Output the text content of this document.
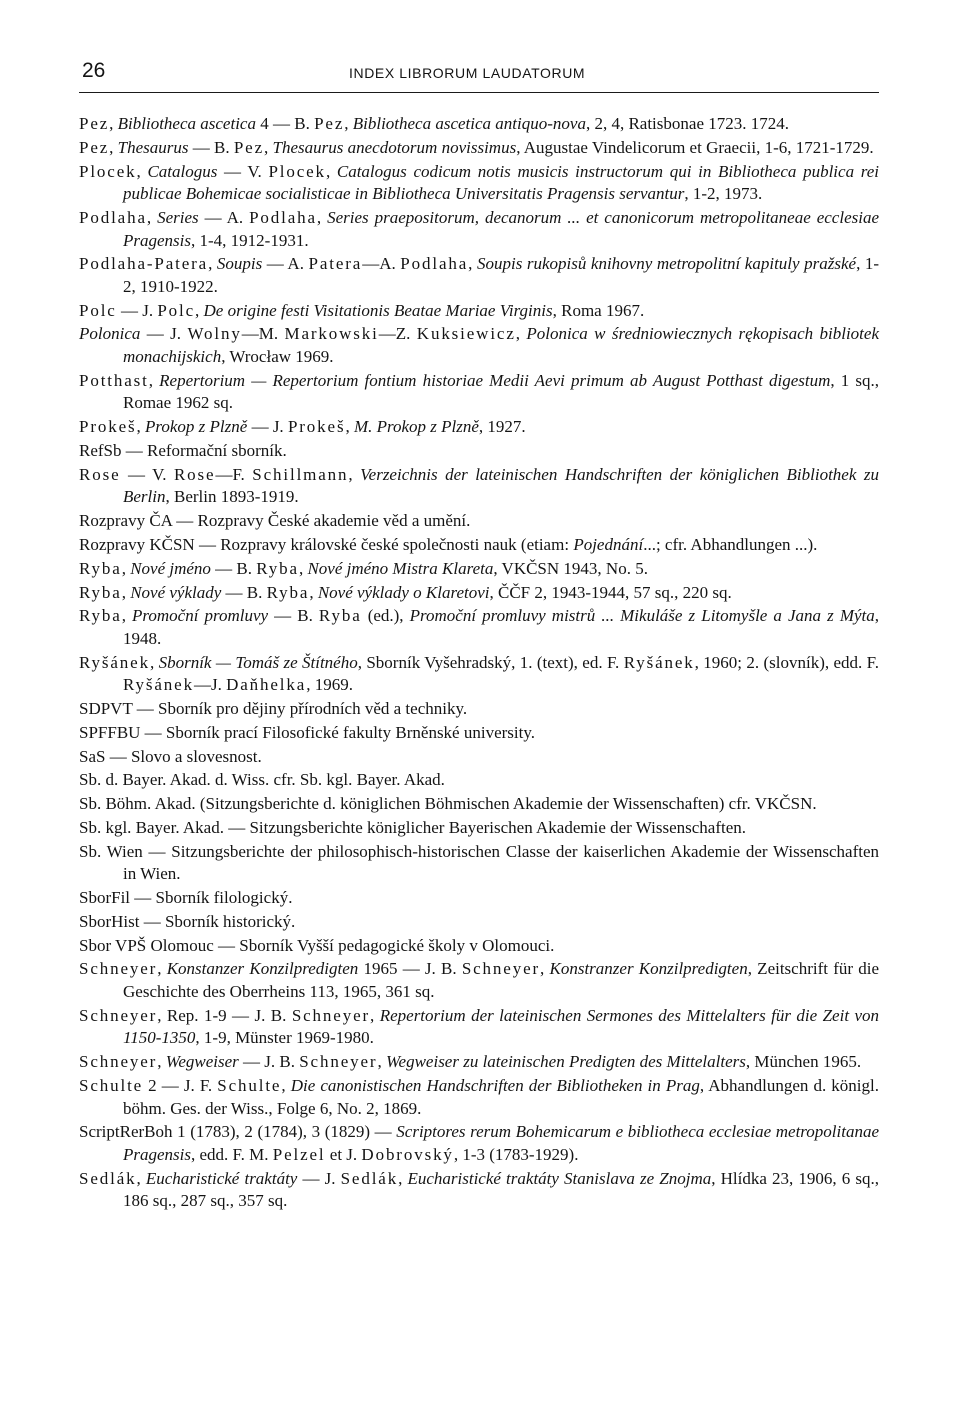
26	INDEX LIBRORUM LAUDATORUM
Pez, Bibliotheca ascetica 4 — B. Pez, Bibliotheca ascetica antiquo-nova, 2, 4, Ratisbonae 1723. 1724.
Pez, Thesaurus — B. Pez, Thesaurus anecdotorum novissimus, Augustae Vindelicorum et Graecii, 1-6, 1721-1729.
Plocek, Catalogus — V. Plocek, Catalogus codicum notis musicis instructorum qui in Bibliotheca publica rei publicae Bohemicae socialisticae in Bibliotheca Universitatis Pragensis servantur, 1-2, 1973.
Podlaha, Series — A. Podlaha, Series praepositorum, decanorum ... et canonicorum metropolitaneae ecclesiae Pragensis, 1-4, 1912-1931.
Podlaha-Patera, Soupis — A. Patera—A. Podlaha, Soupis rukopisů knihovny metropolitní kapituly pražské, 1-2, 1910-1922.
Polc — J. Polc, De origine festi Visitationis Beatae Mariae Virginis, Roma 1967.
Polonica — J. Wolny—M. Markowski—Z. Kuksiewicz, Polonica w średniowiecznych rękopisach bibliotek monachijskich, Wrocław 1969.
Potthast, Repertorium — Repertorium fontium historiae Medii Aevi primum ab August Potthast digestum, 1 sq., Romae 1962 sq.
Prokeš, Prokop z Plzně — J. Prokeš, M. Prokop z Plzně, 1927.
RefSb — Reformační sborník.
Rose — V. Rose—F. Schillmann, Verzeichnis der lateinischen Handschriften der königlichen Bibliothek zu Berlin, Berlin 1893-1919.
Rozpravy ČA — Rozpravy České akademie věd a umění.
Rozpravy KČSN — Rozpravy královské české společnosti nauk (etiam: Pojednání...; cfr. Abhandlungen ...).
Ryba, Nové jméno — B. Ryba, Nové jméno Mistra Klareta, VKČSN 1943, No. 5.
Ryba, Nové výklady — B. Ryba, Nové výklady o Klaretovi, ČČF 2, 1943-1944, 57 sq., 220 sq.
Ryba, Promoční promluvy — B. Ryba (ed.), Promoční promluvy mistrů ... Mikuláše z Litomyšle a Jana z Mýta, 1948.
Ryšánek, Sborník — Tomáš ze Štítného, Sborník Vyšehradský, 1. (text), ed. F. Ryšánek, 1960; 2. (slovník), edd. F. Ryšánek—J. Daňhelka, 1969.
SDPVT — Sborník pro dějiny přírodních věd a techniky.
SPFFBU — Sborník prací Filosofické fakulty Brněnské university.
SaS — Slovo a slovesnost.
Sb. d. Bayer. Akad. d. Wiss. cfr. Sb. kgl. Bayer. Akad.
Sb. Böhm. Akad. (Sitzungsberichte d. königlichen Böhmischen Akademie der Wissenschaften) cfr. VKČSN.
Sb. kgl. Bayer. Akad. — Sitzungsberichte königlicher Bayerischen Akademie der Wissenschaften.
Sb. Wien — Sitzungsberichte der philosophisch-historischen Classe der kaiserlichen Akademie der Wissenschaften in Wien.
SborFil — Sborník filologický.
SborHist — Sborník historický.
Sbor VPŠ Olomouc — Sborník Vyšší pedagogické školy v Olomouci.
Schneyer, Konstanzer Konzilpredigten 1965 — J. B. Schneyer, Konstranzer Konzilpredigten, Zeitschrift für die Geschichte des Oberrheins 113, 1965, 361 sq.
Schneyer, Rep. 1-9 — J. B. Schneyer, Repertorium der lateinischen Sermones des Mittelalters für die Zeit von 1150-1350, 1-9, Münster 1969-1980.
Schneyer, Wegweiser — J. B. Schneyer, Wegweiser zu lateinischen Predigten des Mittelalters, München 1965.
Schulte 2 — J. F. Schulte, Die canonistischen Handschriften der Bibliotheken in Prag, Abhandlungen d. königl. böhm. Ges. der Wiss., Folge 6, No. 2, 1869.
ScriptRerBoh 1 (1783), 2 (1784), 3 (1829) — Scriptores rerum Bohemicarum e bibliotheca ecclesiae metropolitanae Pragensis, edd. F. M. Pelzel et J. Dobrovský, 1-3 (1783-1929).
Sedlák, Eucharistické traktáty — J. Sedlák, Eucharistické traktáty Stanislava ze Znojma, Hlídka 23, 1906, 6 sq., 186 sq., 287 sq., 357 sq.
